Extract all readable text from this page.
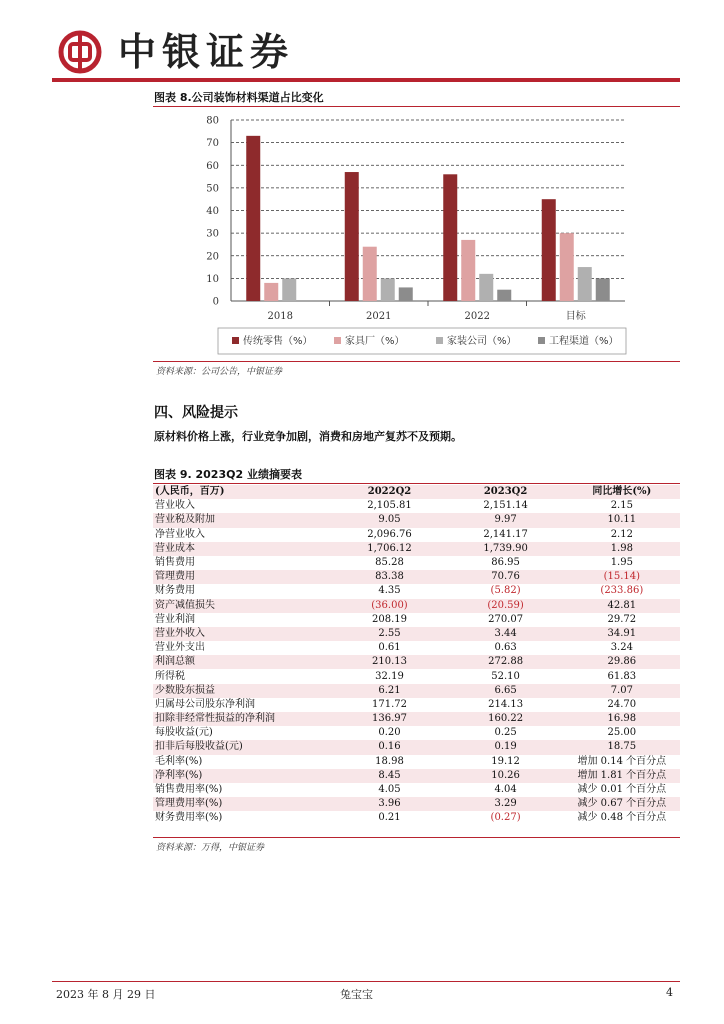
中银证券
图表 8.公司装饰材料渠道占比变化
0
10
20
30
40
50
60
70
80
2018	2021	2022	目标
传统零售（%）	家具厂（%）	家装公司（%）	工程渠道（%）
资料来源：公司公告，中银证券
四、风险提示
原材料价格上涨，行业竞争加剧，消费和房地产复苏不及预期。
图表 9. 2023Q2 业绩摘要表
(人民币，百万)	2022Q2	2023Q2	同比增长(%)
营业收入	2,105.81	2,151.14	2.15
营业税及附加	9.05	9.97	10.11
净营业收入	2,096.76	2,141.17	2.12
营业成本	1,706.12	1,739.90	1.98
销售费用	85.28	86.95	1.95
管理费用	83.38	70.76	(15.14)
财务费用	4.35	(5.82)	(233.86)
资产减值损失	(36.00)	(20.59)	42.81
营业利润	208.19	270.07	29.72
营业外收入	2.55	3.44	34.91
营业外支出	0.61	0.63	3.24
利润总额	210.13	272.88	29.86
所得税	32.19	52.10	61.83
少数股东损益	6.21	6.65	7.07
归属母公司股东净利润	171.72	214.13	24.70
扣除非经常性损益的净利润	136.97	160.22	16.98
每股收益(元)	0.20	0.25	25.00
扣非后每股收益(元)	0.16	0.19	18.75
毛利率(%)	18.98	19.12	增加 0.14 个百分点
净利率(%)	8.45	10.26	增加 1.81 个百分点
销售费用率(%)	4.05	4.04	减少 0.01 个百分点
管理费用率(%)	3.96	3.29	减少 0.67 个百分点
财务费用率(%)	0.21	(0.27)	减少 0.48 个百分点
资料来源：万得，中银证券
2023 年 8 月 29 日	兔宝宝	4
